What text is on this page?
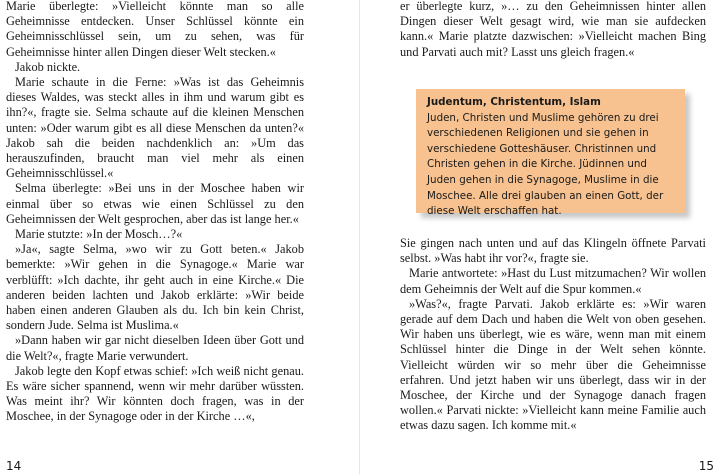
Marie überlegte: »Vielleicht könnte man so alle Geheimnisse entdecken. Unser Schlüssel könnte ein Geheimnisschlüssel sein, um zu sehen, was für Geheimnisse hinter allen Dingen dieser Welt stecken.«

Jakob nickte.

Marie schaute in die Ferne: »Was ist das Geheimnis dieses Waldes, was steckt alles in ihm und warum gibt es ihn?«, fragte sie. Selma schaute auf die kleinen Menschen unten: »Oder warum gibt es all diese Menschen da unten?« Jakob sah die beiden nachdenklich an: »Um das herauszufinden, braucht man viel mehr als einen Geheimnisschlüssel.«

Selma überlegte: »Bei uns in der Moschee haben wir einmal über so etwas wie einen Schlüssel zu den Geheimnissen der Welt gesprochen, aber das ist lange her.«

Marie stutzte: »In der Mosch…?«

»Ja«, sagte Selma, »wo wir zu Gott beten.« Jakob bemerkte: »Wir gehen in die Synagoge.« Marie war verblüfft: »Ich dachte, ihr geht auch in eine Kirche.« Die anderen beiden lachten und Jakob erklärte: »Wir beide haben einen anderen Glauben als du. Ich bin kein Christ, sondern Jude. Selma ist Muslima.«

»Dann haben wir gar nicht dieselben Ideen über Gott und die Welt?«, fragte Marie verwundert.

Jakob legte den Kopf etwas schief: »Ich weiß nicht genau. Es wäre sicher spannend, wenn wir mehr darüber wüssten. Was meint ihr? Wir könnten doch fragen, was in der Moschee, in der Synagoge oder in der Kirche …«,

14

er überlegte kurz, »… zu den Geheimnissen hinter allen Dingen dieser Welt gesagt wird, wie man sie aufdecken kann.« Marie platzte dazwischen: »Vielleicht machen Bing und Parvati auch mit? Lasst uns gleich fragen.«

Judentum, Christentum, Islam
Juden, Christen und Muslime gehören zu drei verschiedenen Religionen und sie gehen in verschiedene Gotteshäuser. Christinnen und Christen gehen in die Kirche. Jüdinnen und Juden gehen in die Synagoge, Muslime in die Moschee. Alle drei glauben an einen Gott, der diese Welt erschaffen hat.

Sie gingen nach unten und auf das Klingeln öffnete Parvati selbst. »Was habt ihr vor?«, fragte sie.

Marie antwortete: »Hast du Lust mitzumachen? Wir wollen dem Geheimnis der Welt auf die Spur kommen.«

»Was?«, fragte Parvati. Jakob erklärte es: »Wir waren gerade auf dem Dach und haben die Welt von oben gesehen. Wir haben uns überlegt, wie es wäre, wenn man mit einem Schlüssel hinter die Dinge in der Welt sehen könnte. Vielleicht würden wir so mehr über die Geheimnisse erfahren. Und jetzt haben wir uns überlegt, dass wir in der Moschee, der Kirche und der Synagoge danach fragen wollen.« Parvati nickte: »Vielleicht kann meine Familie auch etwas dazu sagen. Ich komme mit.«

15
